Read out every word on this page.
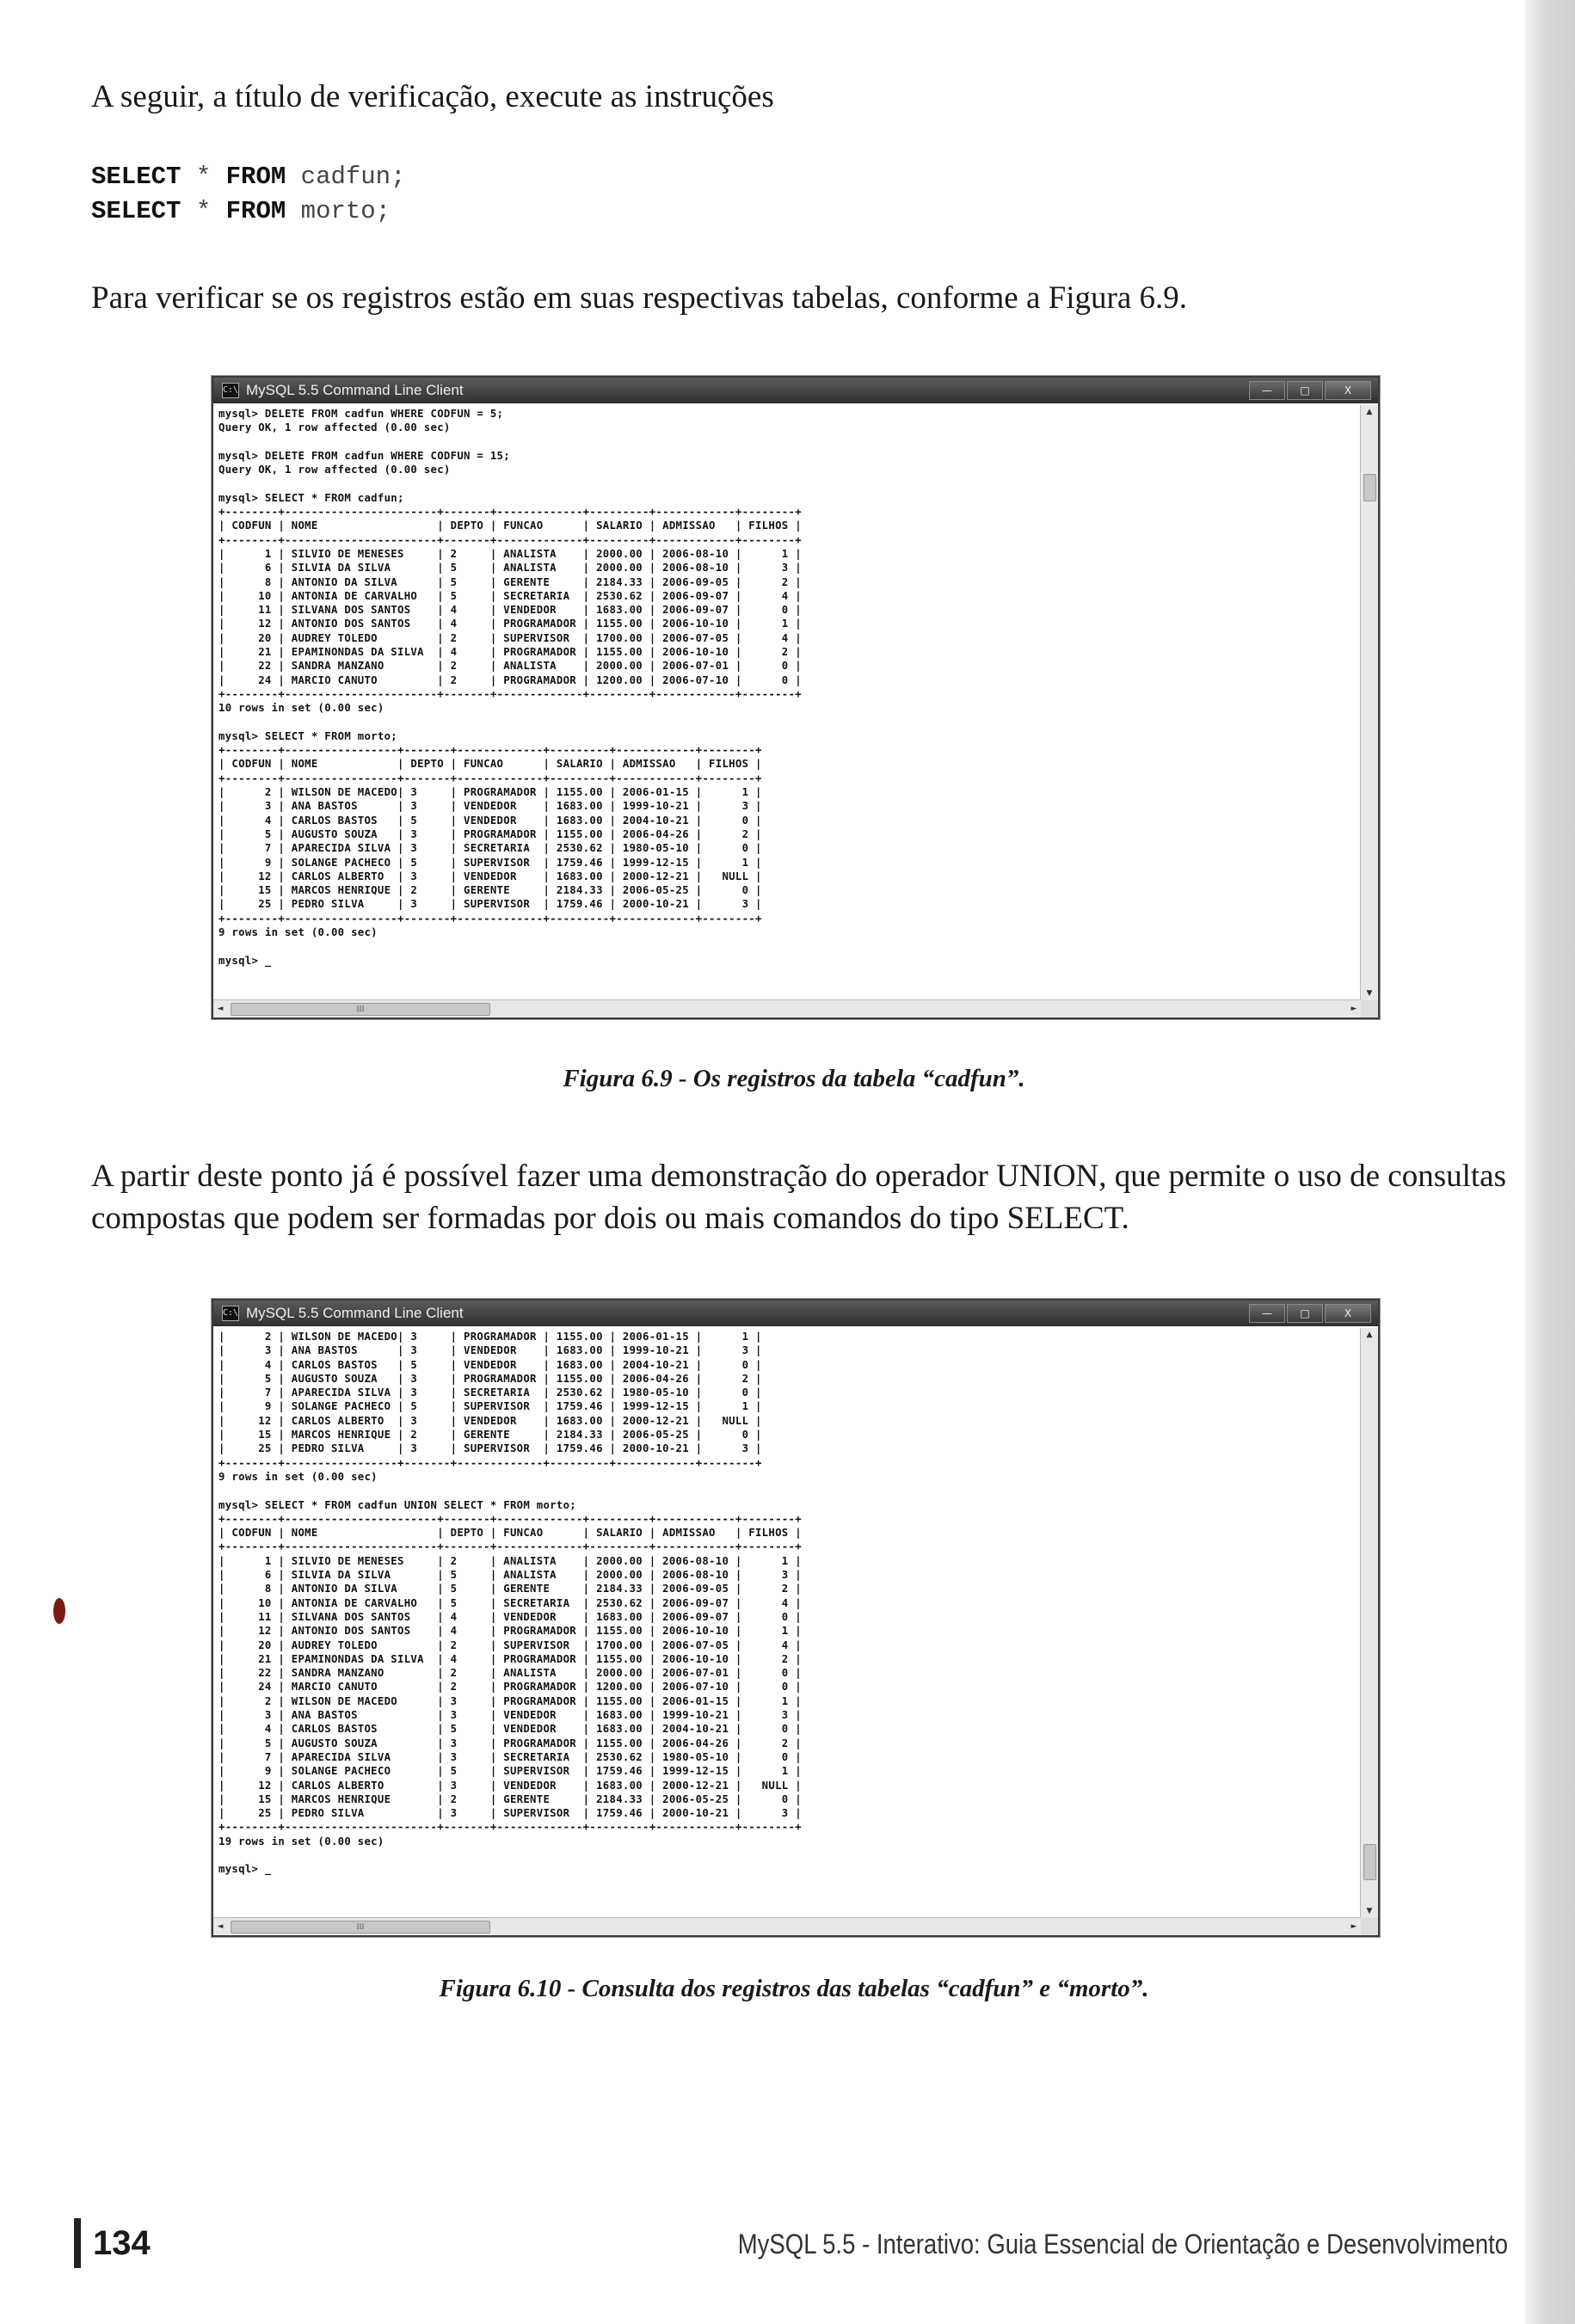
A seguir, a título de verificação, execute as instruções

SELECT * FROM cadfun;
SELECT * FROM morto;

Para verificar se os registros estão em suas respectivas tabelas, conforme a Figura 6.9.

C:\ MySQL 5.5 Command Line Client	—	□	X
mysql> DELETE FROM cadfun WHERE CODFUN = 5;
Query OK, 1 row affected (0.00 sec)

mysql> DELETE FROM cadfun WHERE CODFUN = 15;
Query OK, 1 row affected (0.00 sec)

mysql> SELECT * FROM cadfun;
+--------+-----------------------+-------+-------------+---------+------------+--------+
| CODFUN | NOME                  | DEPTO | FUNCAO      | SALARIO | ADMISSAO   | FILHOS |
+--------+-----------------------+-------+-------------+---------+------------+--------+
|      1 | SILVIO DE MENESES     | 2     | ANALISTA    | 2000.00 | 2006-08-10 |      1 |
|      6 | SILVIA DA SILVA       | 5     | ANALISTA    | 2000.00 | 2006-08-10 |      3 |
|      8 | ANTONIO DA SILVA      | 5     | GERENTE     | 2184.33 | 2006-09-05 |      2 |
|     10 | ANTONIA DE CARVALHO   | 5     | SECRETARIA  | 2530.62 | 2006-09-07 |      4 |
|     11 | SILVANA DOS SANTOS    | 4     | VENDEDOR    | 1683.00 | 2006-09-07 |      0 |
|     12 | ANTONIO DOS SANTOS    | 4     | PROGRAMADOR | 1155.00 | 2006-10-10 |      1 |
|     20 | AUDREY TOLEDO         | 2     | SUPERVISOR  | 1700.00 | 2006-07-05 |      4 |
|     21 | EPAMINONDAS DA SILVA  | 4     | PROGRAMADOR | 1155.00 | 2006-10-10 |      2 |
|     22 | SANDRA MANZANO        | 2     | ANALISTA    | 2000.00 | 2006-07-01 |      0 |
|     24 | MARCIO CANUTO         | 2     | PROGRAMADOR | 1200.00 | 2006-07-10 |      0 |
+--------+-----------------------+-------+-------------+---------+------------+--------+
10 rows in set (0.00 sec)

mysql> SELECT * FROM morto;
+--------+-----------------+-------+-------------+---------+------------+--------+
| CODFUN | NOME            | DEPTO | FUNCAO      | SALARIO | ADMISSAO   | FILHOS |
+--------+-----------------+-------+-------------+---------+------------+--------+
|      2 | WILSON DE MACEDO| 3     | PROGRAMADOR | 1155.00 | 2006-01-15 |      1 |
|      3 | ANA BASTOS      | 3     | VENDEDOR    | 1683.00 | 1999-10-21 |      3 |
|      4 | CARLOS BASTOS   | 5     | VENDEDOR    | 1683.00 | 2004-10-21 |      0 |
|      5 | AUGUSTO SOUZA   | 3     | PROGRAMADOR | 1155.00 | 2006-04-26 |      2 |
|      7 | APARECIDA SILVA | 3     | SECRETARIA  | 2530.62 | 1980-05-10 |      0 |
|      9 | SOLANGE PACHECO | 5     | SUPERVISOR  | 1759.46 | 1999-12-15 |      1 |
|     12 | CARLOS ALBERTO  | 3     | VENDEDOR    | 1683.00 | 2000-12-21 |   NULL |
|     15 | MARCOS HENRIQUE | 2     | GERENTE     | 2184.33 | 2006-05-25 |      0 |
|     25 | PEDRO SILVA     | 3     | SUPERVISOR  | 1759.46 | 2000-10-21 |      3 |
+--------+-----------------+-------+-------------+---------+------------+--------+
9 rows in set (0.00 sec)

mysql> _
▲
▼
◄	III	►

Figura 6.9 - Os registros da tabela “cadfun”.

A partir deste ponto já é possível fazer uma demonstração do operador UNION, que permite o uso de consultas compostas que podem ser formadas por dois ou mais comandos do tipo SELECT.

C:\ MySQL 5.5 Command Line Client	—	□	X
|      2 | WILSON DE MACEDO| 3     | PROGRAMADOR | 1155.00 | 2006-01-15 |      1 |
|      3 | ANA BASTOS      | 3     | VENDEDOR    | 1683.00 | 1999-10-21 |      3 |
|      4 | CARLOS BASTOS   | 5     | VENDEDOR    | 1683.00 | 2004-10-21 |      0 |
|      5 | AUGUSTO SOUZA   | 3     | PROGRAMADOR | 1155.00 | 2006-04-26 |      2 |
|      7 | APARECIDA SILVA | 3     | SECRETARIA  | 2530.62 | 1980-05-10 |      0 |
|      9 | SOLANGE PACHECO | 5     | SUPERVISOR  | 1759.46 | 1999-12-15 |      1 |
|     12 | CARLOS ALBERTO  | 3     | VENDEDOR    | 1683.00 | 2000-12-21 |   NULL |
|     15 | MARCOS HENRIQUE | 2     | GERENTE     | 2184.33 | 2006-05-25 |      0 |
|     25 | PEDRO SILVA     | 3     | SUPERVISOR  | 1759.46 | 2000-10-21 |      3 |
+--------+-----------------+-------+-------------+---------+------------+--------+
9 rows in set (0.00 sec)

mysql> SELECT * FROM cadfun UNION SELECT * FROM morto;
+--------+-----------------------+-------+-------------+---------+------------+--------+
| CODFUN | NOME                  | DEPTO | FUNCAO      | SALARIO | ADMISSAO   | FILHOS |
+--------+-----------------------+-------+-------------+---------+------------+--------+
|      1 | SILVIO DE MENESES     | 2     | ANALISTA    | 2000.00 | 2006-08-10 |      1 |
|      6 | SILVIA DA SILVA       | 5     | ANALISTA    | 2000.00 | 2006-08-10 |      3 |
|      8 | ANTONIO DA SILVA      | 5     | GERENTE     | 2184.33 | 2006-09-05 |      2 |
|     10 | ANTONIA DE CARVALHO   | 5     | SECRETARIA  | 2530.62 | 2006-09-07 |      4 |
|     11 | SILVANA DOS SANTOS    | 4     | VENDEDOR    | 1683.00 | 2006-09-07 |      0 |
|     12 | ANTONIO DOS SANTOS    | 4     | PROGRAMADOR | 1155.00 | 2006-10-10 |      1 |
|     20 | AUDREY TOLEDO         | 2     | SUPERVISOR  | 1700.00 | 2006-07-05 |      4 |
|     21 | EPAMINONDAS DA SILVA  | 4     | PROGRAMADOR | 1155.00 | 2006-10-10 |      2 |
|     22 | SANDRA MANZANO        | 2     | ANALISTA    | 2000.00 | 2006-07-01 |      0 |
|     24 | MARCIO CANUTO         | 2     | PROGRAMADOR | 1200.00 | 2006-07-10 |      0 |
|      2 | WILSON DE MACEDO      | 3     | PROGRAMADOR | 1155.00 | 2006-01-15 |      1 |
|      3 | ANA BASTOS            | 3     | VENDEDOR    | 1683.00 | 1999-10-21 |      3 |
|      4 | CARLOS BASTOS         | 5     | VENDEDOR    | 1683.00 | 2004-10-21 |      0 |
|      5 | AUGUSTO SOUZA         | 3     | PROGRAMADOR | 1155.00 | 2006-04-26 |      2 |
|      7 | APARECIDA SILVA       | 3     | SECRETARIA  | 2530.62 | 1980-05-10 |      0 |
|      9 | SOLANGE PACHECO       | 5     | SUPERVISOR  | 1759.46 | 1999-12-15 |      1 |
|     12 | CARLOS ALBERTO        | 3     | VENDEDOR    | 1683.00 | 2000-12-21 |   NULL |
|     15 | MARCOS HENRIQUE       | 2     | GERENTE     | 2184.33 | 2006-05-25 |      0 |
|     25 | PEDRO SILVA           | 3     | SUPERVISOR  | 1759.46 | 2000-10-21 |      3 |
+--------+-----------------------+-------+-------------+---------+------------+--------+
19 rows in set (0.00 sec)

mysql> _
▲
▼
◄	III	►

Figura 6.10 - Consulta dos registros das tabelas “cadfun” e “morto”.

134	MySQL 5.5 - Interativo: Guia Essencial de Orientação e Desenvolvimento
